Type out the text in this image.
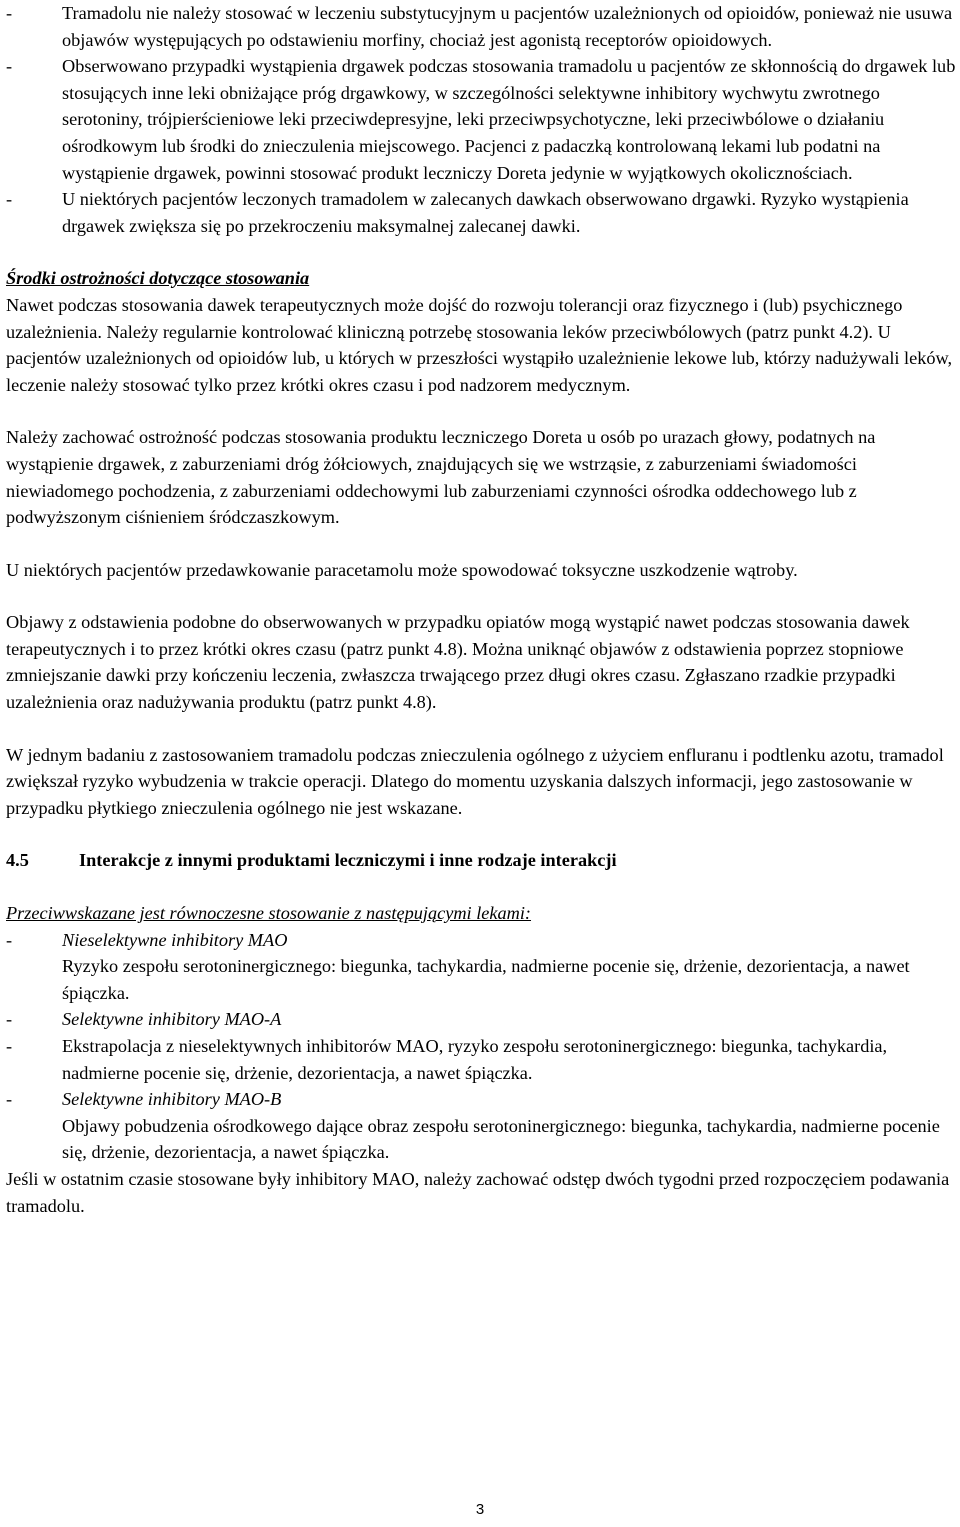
-	Tramadolu nie należy stosować w leczeniu substytucyjnym u pacjentów uzależnionych od opioidów, ponieważ nie usuwa objawów występujących po odstawieniu morfiny, chociaż jest agonistą receptorów opioidowych.
-	Obserwowano przypadki wystąpienia drgawek podczas stosowania tramadolu u pacjentów ze skłonnością do drgawek lub stosujących inne leki obniżające próg drgawkowy, w szczególności selektywne inhibitory wychwytu zwrotnego serotoniny, trójpierścieniowe leki przeciwdepresyjne, leki przeciwpsychotyczne, leki przeciwbólowe o działaniu ośrodkowym lub środki do znieczulenia miejscowego. Pacjenci z padaczką kontrolowaną lekami lub podatni na wystąpienie drgawek, powinni stosować produkt leczniczy Doreta jedynie w wyjątkowych okolicznościach.
-	U niektórych pacjentów leczonych tramadolem w zalecanych dawkach obserwowano drgawki. Ryzyko wystąpienia drgawek zwiększa się po przekroczeniu maksymalnej zalecanej dawki.

Środki ostrożności dotyczące stosowania

Nawet podczas stosowania dawek terapeutycznych może dojść do rozwoju tolerancji oraz fizycznego i (lub) psychicznego uzależnienia. Należy regularnie kontrolować kliniczną potrzebę stosowania leków przeciwbólowych (patrz punkt 4.2). U pacjentów uzależnionych od opioidów lub, u których w przeszłości wystąpiło uzależnienie lekowe lub, którzy nadużywali leków, leczenie należy stosować tylko przez krótki okres czasu i pod nadzorem medycznym.

Należy zachować ostrożność podczas stosowania produktu leczniczego Doreta u osób po urazach głowy, podatnych na wystąpienie drgawek, z zaburzeniami dróg żółciowych, znajdujących się we wstrząsie, z zaburzeniami świadomości niewiadomego pochodzenia, z zaburzeniami oddechowymi lub zaburzeniami czynności ośrodka oddechowego lub z podwyższonym ciśnieniem śródczaszkowym.

U niektórych pacjentów przedawkowanie paracetamolu może spowodować toksyczne uszkodzenie wątroby.

Objawy z odstawienia podobne do obserwowanych w przypadku opiatów mogą wystąpić nawet podczas stosowania dawek terapeutycznych i to przez krótki okres czasu (patrz punkt 4.8). Można uniknąć objawów z odstawienia poprzez stopniowe zmniejszanie dawki przy kończeniu leczenia, zwłaszcza trwającego przez długi okres czasu. Zgłaszano rzadkie przypadki uzależnienia oraz nadużywania produktu (patrz punkt 4.8).

W jednym badaniu z zastosowaniem tramadolu podczas znieczulenia ogólnego z użyciem enfluranu i podtlenku azotu, tramadol zwiększał ryzyko wybudzenia w trakcie operacji. Dlatego do momentu uzyskania dalszych informacji, jego zastosowanie w przypadku płytkiego znieczulenia ogólnego nie jest wskazane.

4.5	Interakcje z innymi produktami leczniczymi i inne rodzaje interakcji

Przeciwwskazane jest równoczesne stosowanie z następującymi lekami:

-	Nieselektywne inhibitory MAO

Ryzyko zespołu serotoninergicznego: biegunka, tachykardia, nadmierne pocenie się, drżenie, dezorientacja, a nawet śpiączka.

-	Selektywne inhibitory MAO-A
-	Ekstrapolacja z nieselektywnych inhibitorów MAO, ryzyko zespołu serotoninergicznego: biegunka, tachykardia, nadmierne pocenie się, drżenie, dezorientacja, a nawet śpiączka.
-	Selektywne inhibitory MAO-B

Objawy pobudzenia ośrodkowego dające obraz zespołu serotoninergicznego: biegunka, tachykardia, nadmierne pocenie się, drżenie, dezorientacja, a nawet śpiączka.

Jeśli w ostatnim czasie stosowane były inhibitory MAO, należy zachować odstęp dwóch tygodni przed rozpoczęciem podawania tramadolu.

3
